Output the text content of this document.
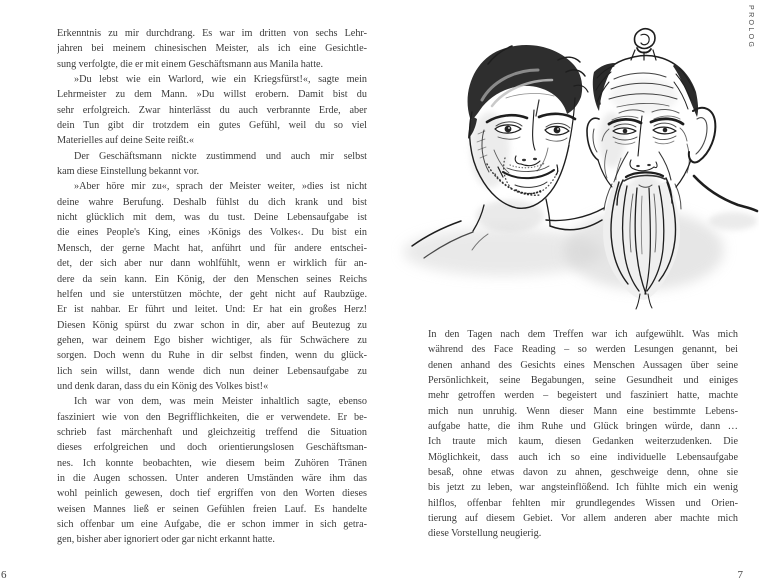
PROLOG
Erkenntnis zu mir durchdrang. Es war im dritten von sechs Lehr-
jahren bei meinem chinesischen Meister, als ich eine Gesichtle-
sung verfolgte, die er mit einem Geschäftsmann aus Manila hatte.
»Du lebst wie ein Warlord, wie ein Kriegsfürst!«, sagte mein
Lehrmeister zu dem Mann. »Du willst erobern. Damit bist du
sehr erfolgreich. Zwar hinterlässt du auch verbrannte Erde, aber
dein Tun gibt dir trotzdem ein gutes Gefühl, weil du so viel
Materielles auf deine Seite reißt.«
Der Geschäftsmann nickte zustimmend und auch mir selbst
kam diese Einstellung bekannt vor.
»Aber höre mir zu«, sprach der Meister weiter, »dies ist nicht
deine wahre Berufung. Deshalb fühlst du dich krank und bist
nicht glücklich mit dem, was du tust. Deine Lebensaufgabe ist
die eines People's King, eines ›Königs des Volkes‹. Du bist ein
Mensch, der gerne Macht hat, anführt und für andere entschei-
det, der sich aber nur dann wohlfühlt, wenn er wirklich für an-
dere da sein kann. Ein König, der den Menschen seines Reichs
helfen und sie unterstützen möchte, der geht nicht auf Raubzüge.
Er ist nahbar. Er führt und leitet. Und: Er hat ein großes Herz!
Diesen König spürst du zwar schon in dir, aber auf Beutezug zu
gehen, war deinem Ego bisher wichtiger, als für Schwächere zu
sorgen. Doch wenn du Ruhe in dir selbst finden, wenn du glück-
lich sein willst, dann wende dich nun deiner Lebensaufgabe zu
und denk daran, dass du ein König des Volkes bist!«
Ich war von dem, was mein Meister inhaltlich sagte, ebenso
fasziniert wie von den Begrifflichkeiten, die er verwendete. Er be-
schrieb fast märchenhaft und gleichzeitig treffend die Situation
dieses erfolgreichen und doch orientierungslosen Geschäftsman-
nes. Ich konnte beobachten, wie diesem beim Zuhören Tränen
in die Augen schossen. Unter anderen Umständen wäre ihm das
wohl peinlich gewesen, doch tief ergriffen von den Worten dieses
weisen Mannes ließ er seinen Gefühlen freien Lauf. Es handelte
sich offenbar um eine Aufgabe, die er schon immer in sich getra-
gen, bisher aber ignoriert oder gar nicht erkannt hatte.
In den Tagen nach dem Treffen war ich aufgewühlt. Was mich
während des Face Reading – so werden Lesungen genannt, bei
denen anhand des Gesichts eines Menschen Aussagen über seine
Persönlichkeit, seine Begabungen, seine Gesundheit und einiges
mehr getroffen werden – begeistert und fasziniert hatte, machte
mich nun unruhig. Wenn dieser Mann eine bestimmte Lebens-
aufgabe hatte, die ihm Ruhe und Glück bringen würde, dann …
Ich traute mich kaum, diesen Gedanken weiterzudenken. Die
Möglichkeit, dass auch ich so eine individuelle Lebensaufgabe
besaß, ohne etwas davon zu ahnen, geschweige denn, ohne sie
bis jetzt zu leben, war angsteinflößend. Ich fühlte mich ein wenig
hilflos, offenbar fehlten mir grundlegendes Wissen und Orien-
tierung auf diesem Gebiet. Vor allem anderen aber machte mich
diese Vorstellung neugierig.
6	7
